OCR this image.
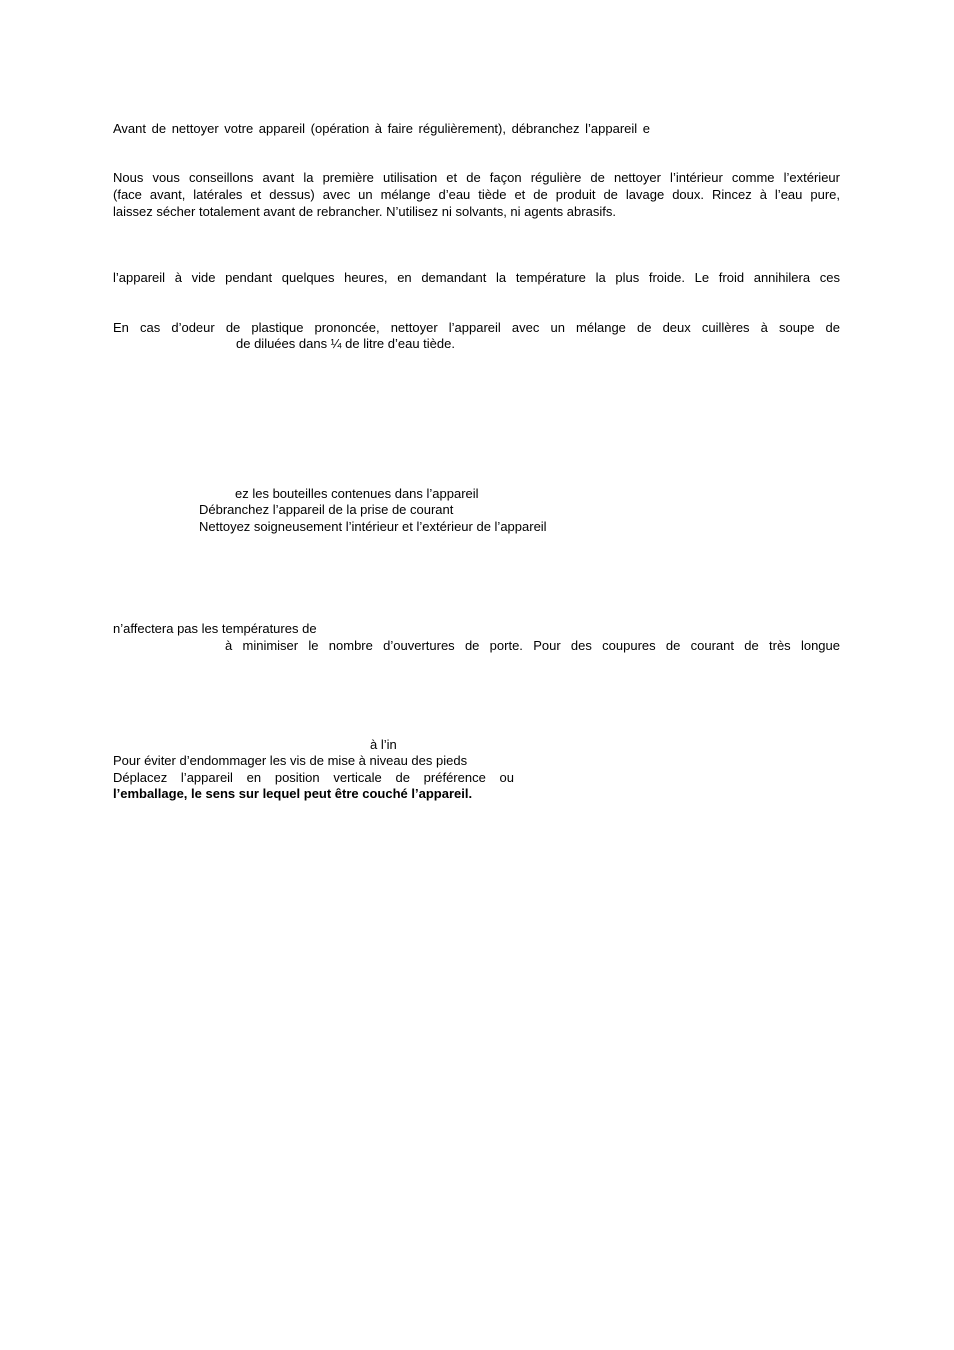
Avant de nettoyer votre appareil (opération à faire régulièrement), débranchez l’appareil e
Nous vous conseillons avant la première utilisation et de façon régulière de nettoyer l’intérieur comme l’extérieur
(face avant, latérales et dessus) avec un mélange d’eau tiède et de produit de lavage doux. Rincez à l’eau pure,
laissez sécher totalement avant de rebrancher. N’utilisez ni solvants, ni agents abrasifs.
l’appareil à vide pendant quelques heures, en demandant la température la plus froide. Le froid annihilera ces
En cas d’odeur de plastique prononcée, nettoyer l’appareil avec un mélange de deux cuillères à soupe de
de diluées dans ¼ de litre d’eau tiède.
ez les bouteilles contenues dans l’appareil
Débranchez l’appareil de la prise de courant
Nettoyez soigneusement l’intérieur et l’extérieur de l’appareil
n’affectera pas les températures de
à minimiser le nombre d’ouvertures de porte. Pour des coupures de courant de très longue
à l’in
Pour éviter d’endommager les vis de mise à niveau des pieds
Déplacez l’appareil en position verticale de préférence ou
l’emballage, le sens sur lequel peut être couché l’appareil.
